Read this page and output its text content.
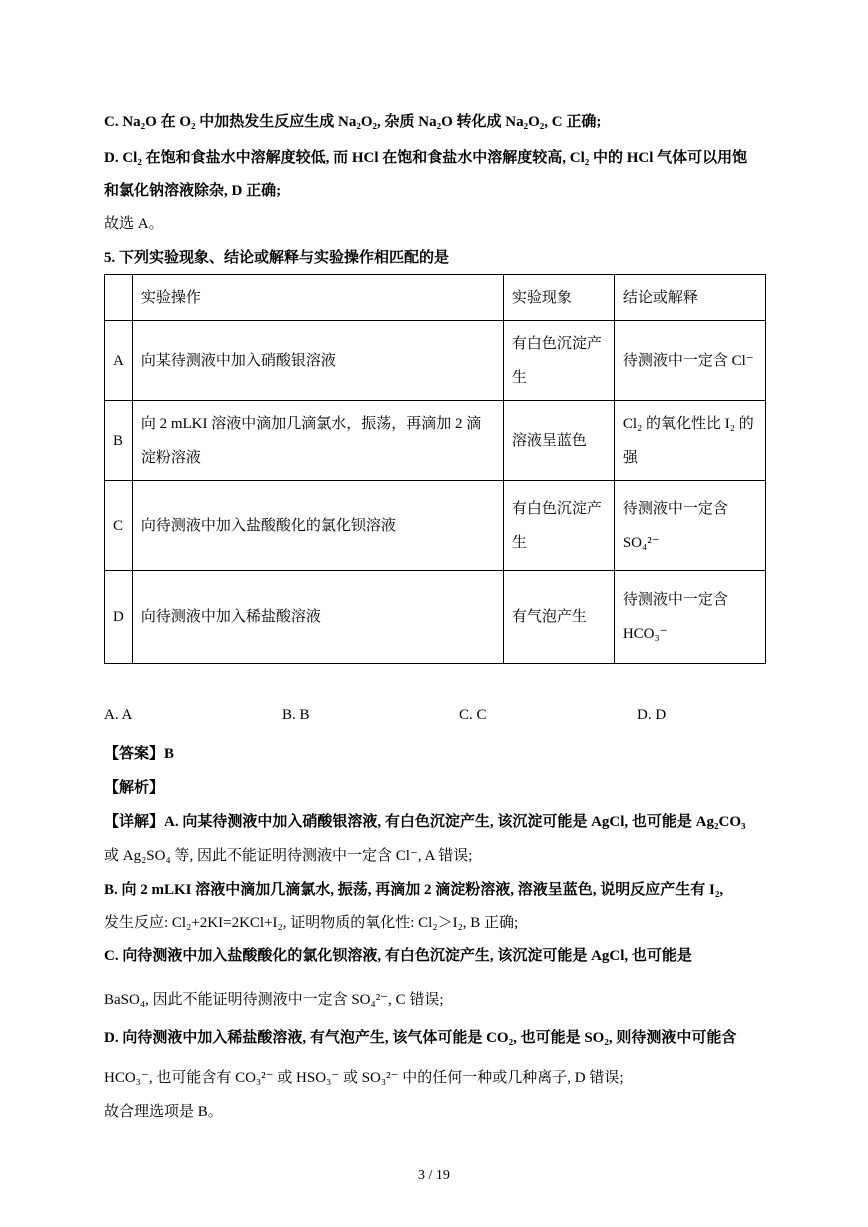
C. Na₂O 在 O₂ 中加热发生反应生成 Na₂O₂, 杂质 Na₂O 转化成 Na₂O₂, C 正确;
D. Cl₂ 在饱和食盐水中溶解度较低, 而 HCl 在饱和食盐水中溶解度较高, Cl₂ 中的 HCl 气体可以用饱
和氯化钠溶液除杂, D 正确;
故选 A。
5. 下列实验现象、结论或解释与实验操作相匹配的是
	实验操作	实验现象	结论或解释
A	向某待测液中加入硝酸银溶液	有白色沉淀产生	待测液中一定含 Cl⁻
B	向 2 mLKI 溶液中滴加几滴氯水，振荡，再滴加 2 滴淀粉溶液	溶液呈蓝色	Cl₂ 的氧化性比 I₂ 的强
C	向待测液中加入盐酸酸化的氯化钡溶液	有白色沉淀产生	待测液中一定含 SO₄²⁻
D	向待测液中加入稀盐酸溶液	有气泡产生	待测液中一定含 HCO₃⁻
A. A	B. B	C. C	D. D
【答案】B
【解析】
【详解】A. 向某待测液中加入硝酸银溶液, 有白色沉淀产生, 该沉淀可能是 AgCl, 也可能是 Ag₂CO₃
或 Ag₂SO₄ 等, 因此不能证明待测液中一定含 Cl⁻, A 错误;
B. 向 2 mLKI 溶液中滴加几滴氯水, 振荡, 再滴加 2 滴淀粉溶液, 溶液呈蓝色, 说明反应产生有 I₂,
发生反应: Cl₂+2KI=2KCl+I₂, 证明物质的氧化性: Cl₂＞I₂, B 正确;
C. 向待测液中加入盐酸酸化的氯化钡溶液, 有白色沉淀产生, 该沉淀可能是 AgCl, 也可能是
BaSO₄, 因此不能证明待测液中一定含 SO₄²⁻, C 错误;
D. 向待测液中加入稀盐酸溶液, 有气泡产生, 该气体可能是 CO₂, 也可能是 SO₂, 则待测液中可能含
HCO₃⁻, 也可能含有 CO₃²⁻ 或 HSO₃⁻ 或 SO₃²⁻ 中的任何一种或几种离子, D 错误;
故合理选项是 B。
3 / 19
